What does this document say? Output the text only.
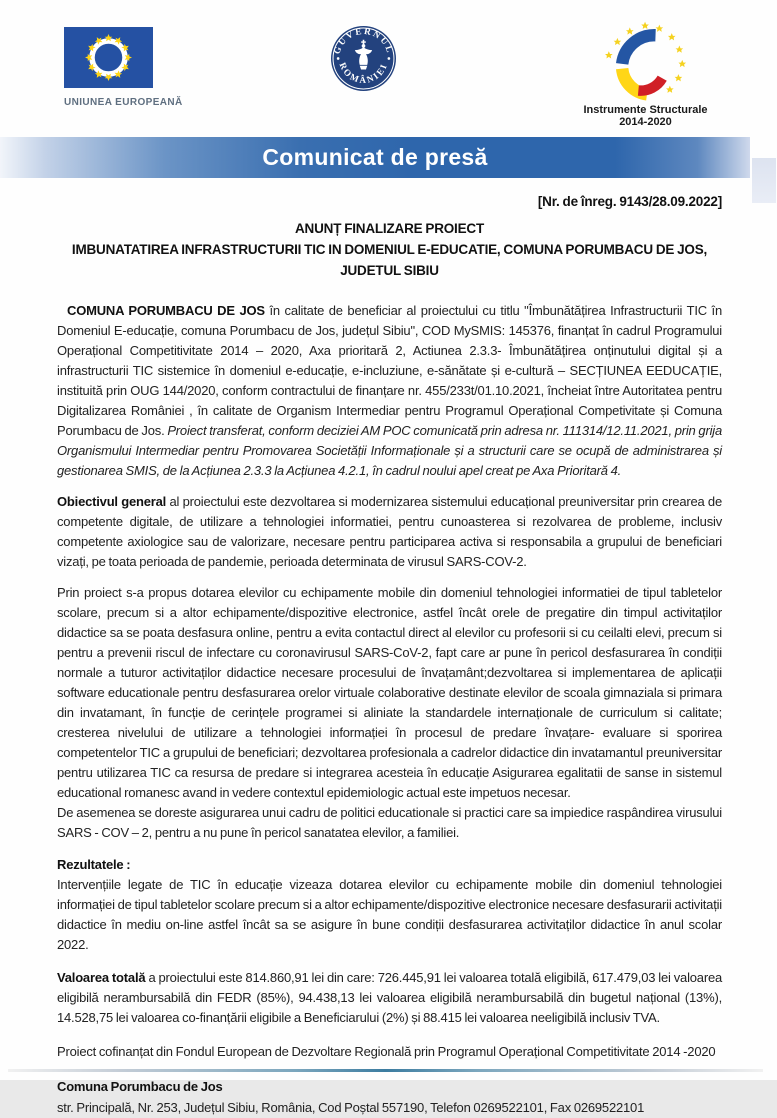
UNIUNEA EUROPEANĂ
GUVERNUL
ROMÂNIEI
Instrumente Structurale
2014-2020
Comunicat de presă

[Nr. de înreg. 9143/28.09.2022]

ANUNȚ FINALIZARE PROIECT

IMBUNATATIREA INFRASTRUCTURII TIC IN DOMENIUL E-EDUCATIE, COMUNA PORUMBACU DE JOS, JUDETUL SIBIU

COMUNA PORUMBACU DE JOS în calitate de beneficiar al proiectului cu titlu "Îmbunătățirea Infrastructurii TIC în Domeniul E-educație, comuna Porumbacu de Jos, județul Sibiu", COD MySMIS: 145376, finanțat în cadrul Programului Operațional Competitivitate 2014 – 2020, Axa prioritară 2, Actiunea 2.3.3- Îmbunătățirea onținutului digital și a infrastructurii TIC sistemice în domeniul e-educație, e-incluziune, e-sănătate și e-cultură – SECȚIUNEA EEDUCAȚIE, instituită prin OUG 144/2020, conform contractului de finanțare nr. 455/233t/01.10.2021, încheiat între Autoritatea pentru Digitalizarea României , în calitate de Organism Intermediar pentru Programul Operațional Competivitate și Comuna Porumbacu de Jos. Proiect transferat, conform deciziei AM POC comunicată prin adresa nr. 111314/12.11.2021, prin grija Organismului Intermediar pentru Promovarea Societății Informaționale și a structurii care se ocupă de administrarea și gestionarea SMIS, de la Acțiunea 2.3.3 la Acțiunea 4.2.1, în cadrul noului apel creat pe Axa Prioritară 4.

Obiectivul general al proiectului este dezvoltarea si modernizarea sistemului educațional preuniversitar prin crearea de competente digitale, de utilizare a tehnologiei informatiei, pentru cunoasterea si rezolvarea de probleme, inclusiv competente axiologice sau de valorizare, necesare pentru participarea activa si responsabila a grupului de beneficiari vizați, pe toata perioada de pandemie, perioada determinata de virusul SARS-COV-2.

Prin proiect s-a propus dotarea elevilor cu echipamente mobile din domeniul tehnologiei informatiei de tipul tabletelor scolare, precum si a altor echipamente/dispozitive electronice, astfel încât orele de pregatire din timpul activitaților didactice sa se poata desfasura online, pentru a evita contactul direct al elevilor cu profesorii si cu ceilalti elevi, precum si pentru a prevenii riscul de infectare cu coronavirusul SARS-CoV-2, fapt care ar pune în pericol desfasurarea în condiții normale a tuturor activitaților didactice necesare procesului de învațamânt;dezvoltarea si implementarea de aplicații software educationale pentru desfasurarea orelor virtuale colaborative destinate elevilor de scoala gimnaziala si primara din invatamant, în funcție de cerințele programei si aliniate la standardele internaționale de curriculum si calitate; cresterea nivelului de utilizare a tehnologiei informației în procesul de predare învațare- evaluare si sporirea competentelor TIC a grupului de beneficiari; dezvoltarea profesionala a cadrelor didactice din invatamantul preuniversitar pentru utilizarea TIC ca resursa de predare si integrarea acesteia în educație Asigurarea egalitatii de sanse in sistemul educational romanesc avand in vedere contextul epidemiologic actual este impetuos necesar.

De asemenea se doreste asigurarea unui cadru de politici educationale si practici care sa impiedice raspândirea virusului SARS - COV – 2, pentru a nu pune în pericol sanatatea elevilor, a familiei.

Rezultatele :

Intervențiile legate de TIC în educație vizeaza dotarea elevilor cu echipamente mobile din domeniul tehnologiei informației de tipul tabletelor scolare precum si a altor echipamente/dispozitive electronice necesare desfasurarii activitații didactice în mediu on-line astfel încât sa se asigure în bune condiții desfasurarea activitaților didactice în anul scolar 2022.

Valoarea totală a proiectului este 814.860,91 lei din care: 726.445,91 lei valoarea totală eligibilă, 617.479,03 lei valoarea eligibilă nerambursabilă din FEDR (85%), 94.438,13 lei valoarea eligibilă nerambursabilă din bugetul național (13%), 14.528,75 lei valoarea co-finanțării eligibile a Beneficiarului (2%) și 88.415 lei valoarea neeligibilă inclusiv TVA.

Proiect cofinanțat din Fondul European de Dezvoltare Regională prin Programul Operațional Competitivitate 2014 -2020

Comuna Porumbacu de Jos

str. Principală, Nr. 253, Județul Sibiu, România, Cod Poștal 557190, Telefon 0269522101, Fax 0269522101
